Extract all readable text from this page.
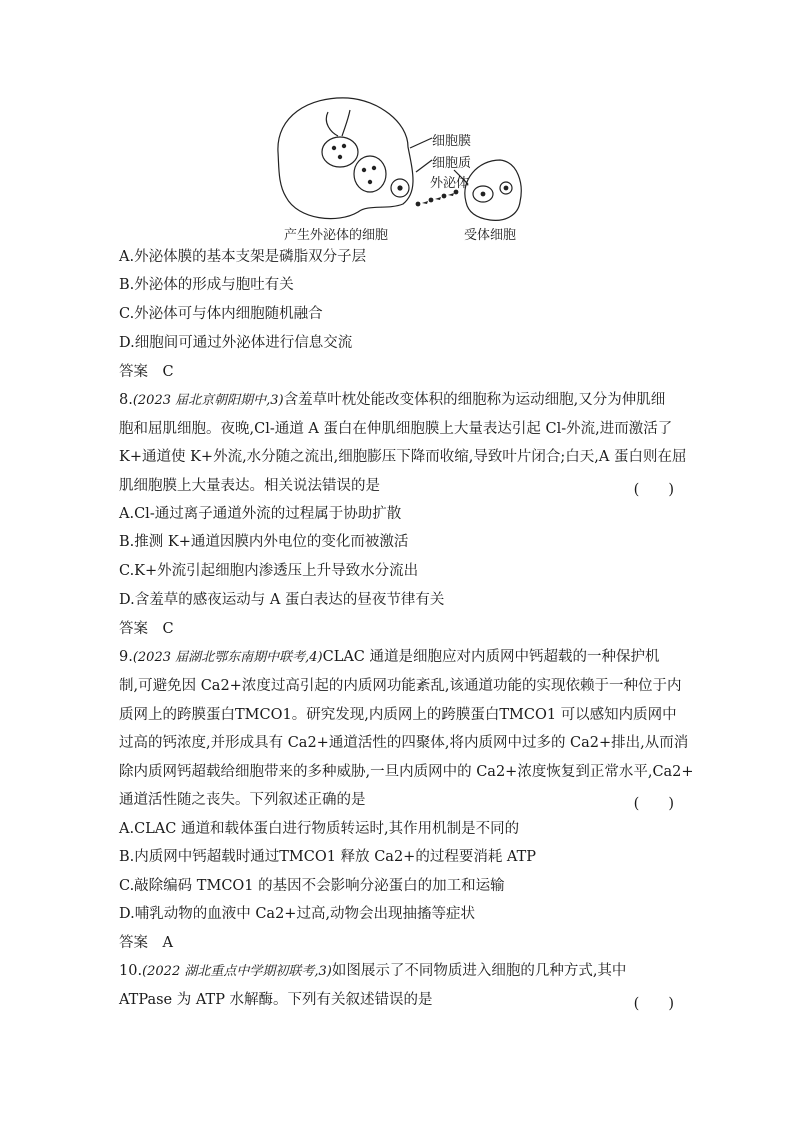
细胞膜
细胞质
外泌体
产生外泌体的细胞	受体细胞
A.外泌体膜的基本支架是磷脂双分子层
B.外泌体的形成与胞吐有关
C.外泌体可与体内细胞随机融合
D.细胞间可通过外泌体进行信息交流
答案　C
8.(2023 届北京朝阳期中,3)含羞草叶枕处能改变体积的细胞称为运动细胞,又分为伸肌细
胞和屈肌细胞。夜晚,Cl-通道 A 蛋白在伸肌细胞膜上大量表达引起 Cl-外流,进而激活了
K+通道使 K+外流,水分随之流出,细胞膨压下降而收缩,导致叶片闭合;白天,A 蛋白则在屈
肌细胞膜上大量表达。相关说法错误的是	(　　)
A.Cl-通过离子通道外流的过程属于协助扩散
B.推测 K+通道因膜内外电位的变化而被激活
C.K+外流引起细胞内渗透压上升导致水分流出
D.含羞草的感夜运动与 A 蛋白表达的昼夜节律有关
答案　C
9.(2023 届湖北鄂东南期中联考,4)CLAC 通道是细胞应对内质网中钙超载的一种保护机
制,可避免因 Ca2+浓度过高引起的内质网功能紊乱,该通道功能的实现依赖于一种位于内
质网上的跨膜蛋白TMCO1。研究发现,内质网上的跨膜蛋白TMCO1 可以感知内质网中
过高的钙浓度,并形成具有 Ca2+通道活性的四聚体,将内质网中过多的 Ca2+排出,从而消
除内质网钙超载给细胞带来的多种威胁,一旦内质网中的 Ca2+浓度恢复到正常水平,Ca2+
通道活性随之丧失。下列叙述正确的是	(　　)
A.CLAC 通道和载体蛋白进行物质转运时,其作用机制是不同的
B.内质网中钙超载时通过TMCO1 释放 Ca2+的过程要消耗 ATP
C.敲除编码 TMCO1 的基因不会影响分泌蛋白的加工和运输
D.哺乳动物的血液中 Ca2+过高,动物会出现抽搐等症状
答案　A
10.(2022 湖北重点中学期初联考,3)如图展示了不同物质进入细胞的几种方式,其中
ATPase 为 ATP 水解酶。下列有关叙述错误的是	(　　)
